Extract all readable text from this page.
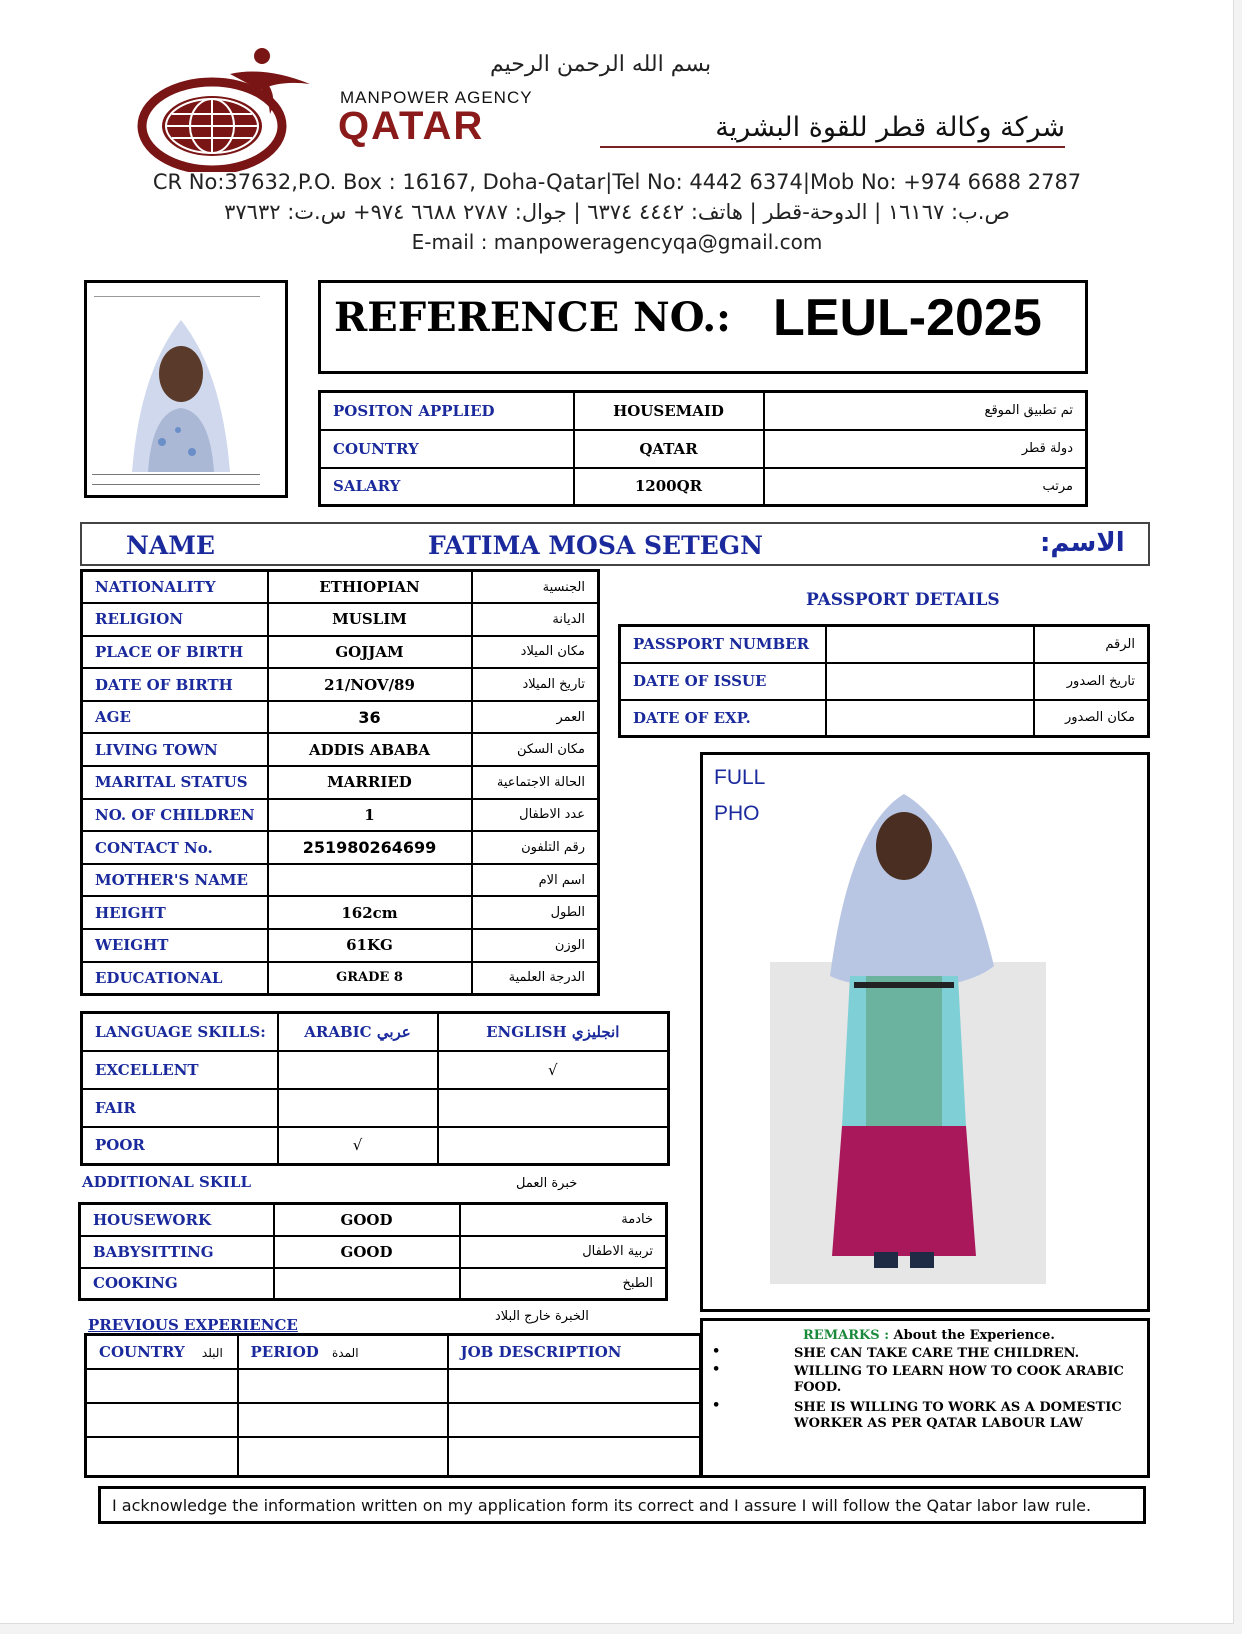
بسم الله الرحمن الرحيم
MANPOWER AGENCY
QATAR	شركة وكالة قطر للقوة البشرية
CR No:37632,P.O. Box : 16167, Doha-Qatar|Tel No: 4442 6374|Mob No: +974 6688 2787
ص.ب: ١٦١٦٧ | الدوحة-قطر | هاتف: ٤٤٤٢ ٦٣٧٤ | جوال: ٢٧٨٧ ٦٦٨٨ ٩٧٤+ س.ت: ٣٧٦٣٢
E-mail : manpoweragencyqa@gmail.com
REFERENCE NO.: LEUL-2025
POSITON APPLIED	HOUSEMAID	تم تطبيق الموقع
COUNTRY	QATAR	دولة قطر
SALARY	1200QR	مرتب
NAME	FATIMA MOSA SETEGN	الاسم:
NATIONALITY	ETHIOPIAN	الجنسية
RELIGION	MUSLIM	الديانة
PLACE OF BIRTH	GOJJAM	مكان الميلاد
DATE OF BIRTH	21/NOV/89	تاريخ الميلاد
AGE	36	العمر
LIVING TOWN	ADDIS ABABA	مكان السكن
MARITAL STATUS	MARRIED	الحالة الاجتماعية
NO. OF CHILDREN	1	عدد الاطفال
CONTACT No.	251980264699	رقم التلفون
MOTHER'S NAME		اسم الام
HEIGHT	162cm	الطول
WEIGHT	61KG	الوزن
EDUCATIONAL	GRADE 8	الدرجة العلمية
PASSPORT DETAILS
PASSPORT NUMBER		الرقم
DATE OF ISSUE		تاريخ الصدور
DATE OF EXP.		مكان الصدور
FULL
PHO
LANGUAGE SKILLS:	ARABIC عربي	ENGLISH انجليزي
EXCELLENT		√
FAIR		
POOR	√	
ADDITIONAL SKILL	خبرة العمل
HOUSEWORK	GOOD	خادمة
BABYSITTING	GOOD	تربية الاطفال
COOKING		الطبخ
PREVIOUS EXPERIENCE	الخبرة خارج البلاد
COUNTRY البلد	PERIOD المدة	JOB DESCRIPTION

REMARKS : About the Experience.
•	SHE CAN TAKE CARE THE CHILDREN.
•	WILLING TO LEARN HOW TO COOK ARABIC FOOD.
•	SHE IS WILLING TO WORK AS A DOMESTIC WORKER AS PER QATAR LABOUR LAW
I acknowledge the information written on my application form its correct and I assure I will follow the Qatar labor law rule.
